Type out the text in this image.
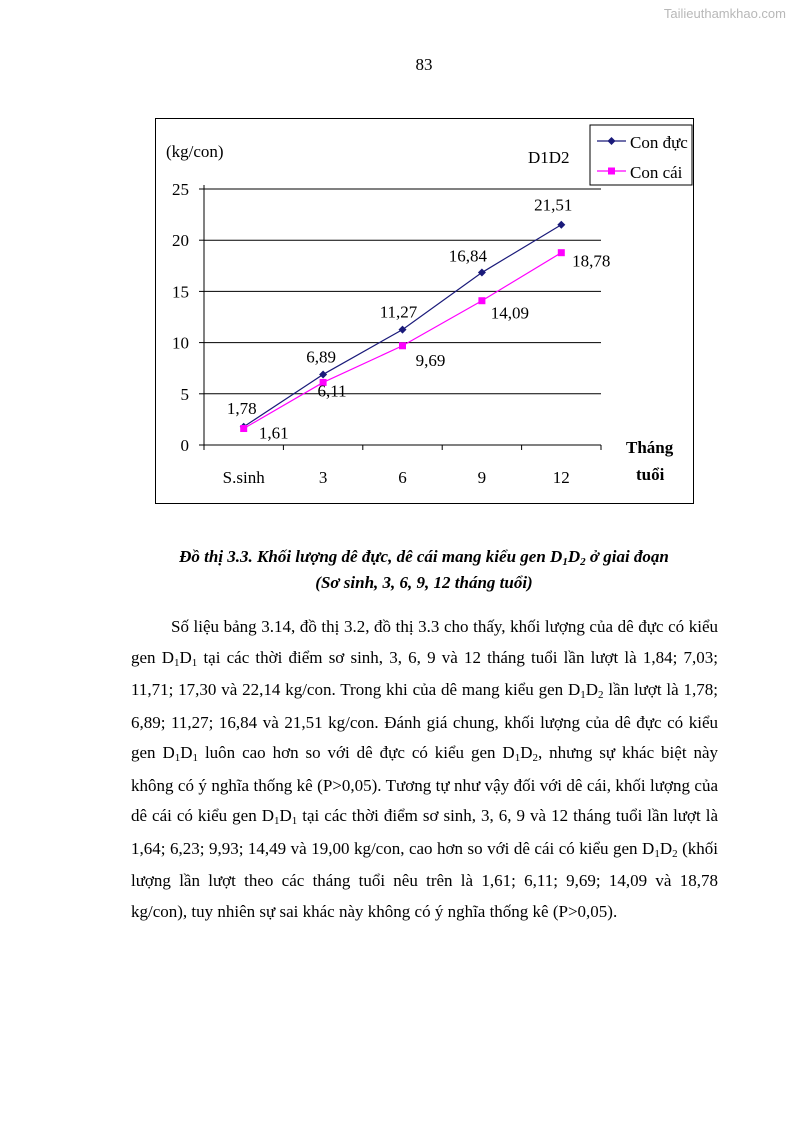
Tailieuthamkhao.com
83
0
5
10
15
20
25
S.sinh	3	6	9	12
1,78
6,89
11,27
16,84
21,51
1,61
6,11
9,69
14,09
18,78
(kg/con)	D1D2
Tháng
tuổi
Con đực
Con cái
Đồ thị 3.3. Khối lượng dê đực, dê cái mang kiểu gen D1D2 ở giai đoạn
(Sơ sinh, 3, 6, 9, 12 tháng tuổi)

Số liệu bảng 3.14, đồ thị 3.2, đồ thị 3.3 cho thấy, khối lượng của dê đực có kiểu gen D1D1 tại các thời điểm sơ sinh, 3, 6, 9 và 12 tháng tuổi lần lượt là 1,84; 7,03; 11,71; 17,30 và 22,14 kg/con. Trong khi của dê mang kiểu gen D1D2 lần lượt là 1,78; 6,89; 11,27; 16,84 và 21,51 kg/con. Đánh giá chung, khối lượng của dê đực có kiểu gen D1D1 luôn cao hơn so với dê đực có kiểu gen D1D2, nhưng sự khác biệt này không có ý nghĩa thống kê (P>0,05). Tương tự như vậy đối với dê cái, khối lượng của dê cái có kiểu gen D1D1 tại các thời điểm sơ sinh, 3, 6, 9 và 12 tháng tuổi lần lượt là 1,64; 6,23; 9,93; 14,49 và 19,00 kg/con, cao hơn so với dê cái có kiểu gen D1D2 (khối lượng lần lượt theo các tháng tuổi nêu trên là 1,61; 6,11; 9,69; 14,09 và 18,78 kg/con), tuy nhiên sự sai khác này không có ý nghĩa thống kê (P>0,05).
